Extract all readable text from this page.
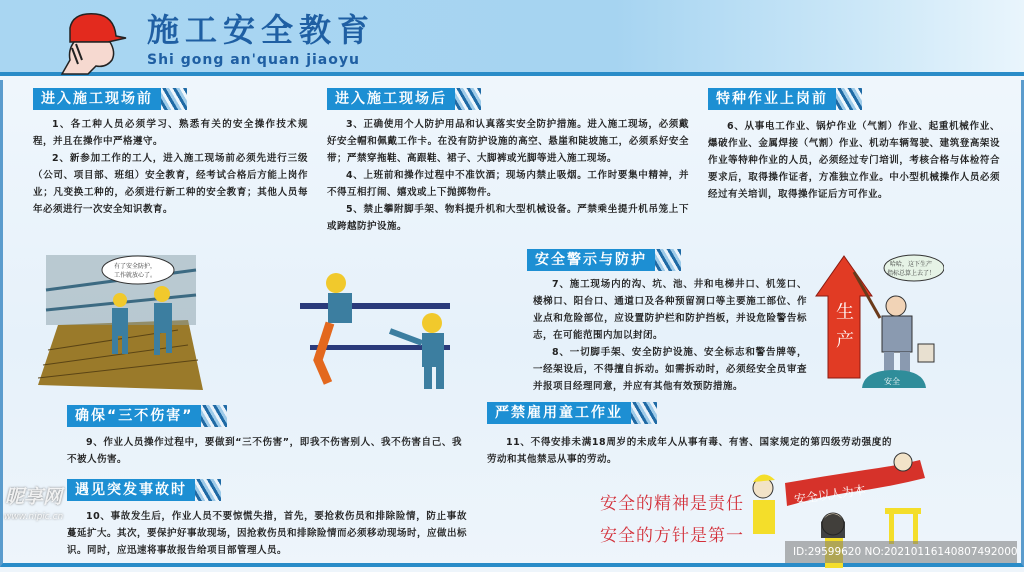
施工安全教育
Shi gong an'quan jiaoyu
进入施工现场前
1、各工种人员必须学习、熟悉有关的安全操作技术规程，并且在操作中严格遵守。
2、新参加工作的工人，进入施工现场前必须先进行三级（公司、项目部、班组）安全教育，经考试合格后方能上岗作业；凡变换工种的，必须进行新工种的安全教育；其他人员每年必须进行一次安全知识教育。
进入施工现场后
3、正确使用个人防护用品和认真落实安全防护措施。进入施工现场，必须戴好安全帽和佩戴工作卡。在没有防护设施的高空、悬崖和陡坡施工，必须系好安全带；严禁穿拖鞋、高跟鞋、裙子、大脚裤或光脚等进入施工现场。
4、上班前和操作过程中不准饮酒；现场内禁止吸烟。工作时要集中精神，并不得互相打闹、嬉戏或上下抛掷物件。
5、禁止攀附脚手架、物料提升机和大型机械设备。严禁乘坐提升机吊笼上下或跨越防护设施。
特种作业上岗前
6、从事电工作业、锅炉作业（气割）作业、起重机械作业、爆破作业、金属焊接（气割）作业、机动车辆驾驶、建筑登高架设作业等特种作业的人员，必须经过专门培训，考核合格与体检符合要求后，取得操作证者，方准独立作业。中小型机械操作人员必须经过有关培训，取得操作证后方可作业。
安全警示与防护
7、施工现场内的沟、坑、池、井和电梯井口、机笼口、楼梯口、阳台口、通道口及各种预留洞口等主要施工部位、作业点和危险部位，应设置防护栏和防护挡板，并设危险警告标志，在可能范围内加以封闭。
8、一切脚手架、安全防护设施、安全标志和警告牌等，一经架设后，不得擅自拆动。如需拆动时，必须经安全员审查并报项目经理同意，并应有其他有效预防措施。
确保“三不伤害”
9、作业人员操作过程中，要做到“三不伤害”，即我不伤害别人、我不伤害自己、我不被人伤害。
遇见突发事故时
10、事故发生后，作业人员不要惊慌失措，首先，要抢救伤员和排除险情，防止事故蔓延扩大。其次，要保护好事故现场，因抢救伤员和排除险情而必须移动现场时，应做出标识。同时，应迅速将事故报告给项目部管理人员。
严禁雇用童工作业
11、不得安排未满18周岁的未成年人从事有毒、有害、国家规定的第四级劳动强度的劳动和其他禁忌从事的劳动。
有了安全防护，
工作就放心了。
生
产
哈哈，这下生产
指标总算上去了！
安全
安全以人为本
安全的精神是责任
安全的方针是第一
昵享网
www.nipic.cn
ID:29599620 NO:20210116140807492000
